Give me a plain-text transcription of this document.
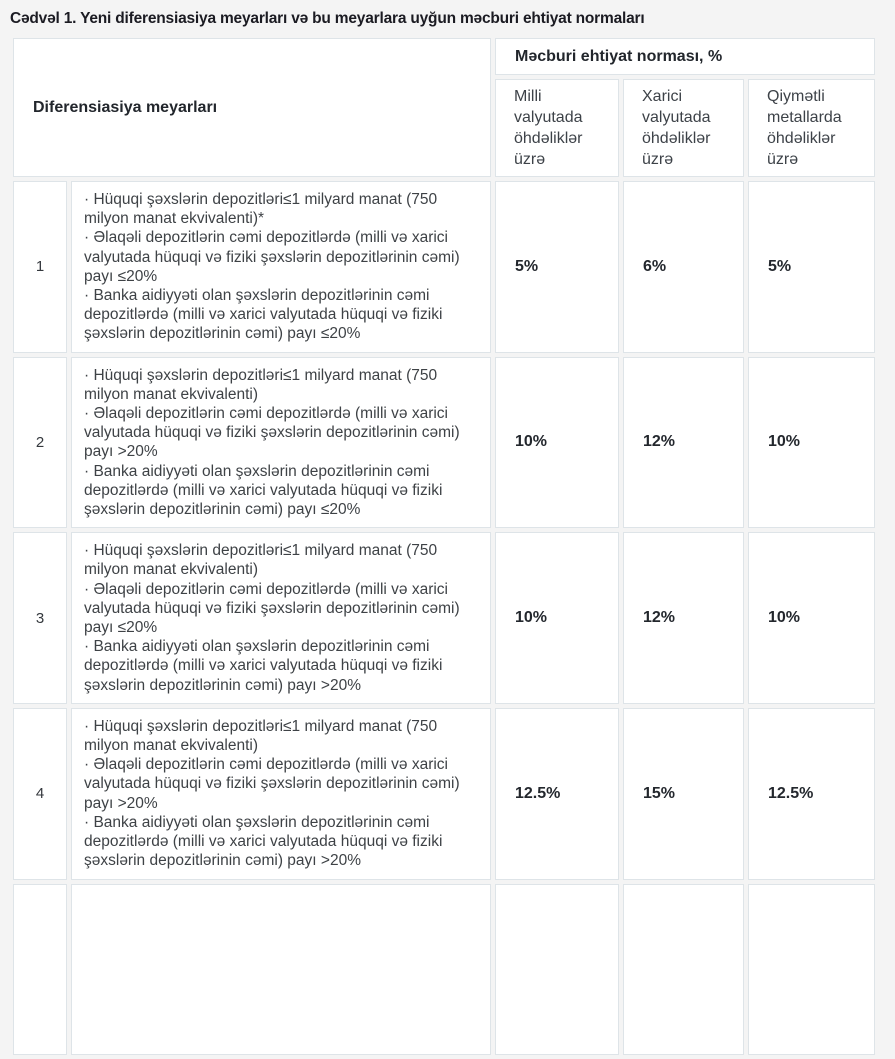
Cədvəl 1. Yeni diferensiasiya meyarları və bu meyarlara uyğun məcburi ehtiyat normaları
Diferensiasiya meyarları		Məcburi ehtiyat norması, %		
		Milli valyutada öhdəliklər üzrə	Xarici valyutada öhdəliklər üzrə	Qiymətli metallarda öhdəliklər üzrə
1	· Hüquqi şəxslərin depozitləri≤1 milyard manat (750 milyon manat ekvivalenti)*
· Əlaqəli depozitlərin cəmi depozitlərdə (milli və xarici valyutada hüquqi və fiziki şəxslərin depozitlərinin cəmi) payı ≤20%
· Banka aidiyyəti olan şəxslərin depozitlərinin cəmi depozitlərdə (milli və xarici valyutada hüquqi və fiziki şəxslərin depozitlərinin cəmi) payı ≤20%	5%	6%	5%
2	· Hüquqi şəxslərin depozitləri≤1 milyard manat (750 milyon manat ekvivalenti)
· Əlaqəli depozitlərin cəmi depozitlərdə (milli və xarici valyutada hüquqi və fiziki şəxslərin depozitlərinin cəmi) payı >20%
· Banka aidiyyəti olan şəxslərin depozitlərinin cəmi depozitlərdə (milli və xarici valyutada hüquqi və fiziki şəxslərin depozitlərinin cəmi) payı ≤20%	10%	12%	10%
3	· Hüquqi şəxslərin depozitləri≤1 milyard manat (750 milyon manat ekvivalenti)
· Əlaqəli depozitlərin cəmi depozitlərdə (milli və xarici valyutada hüquqi və fiziki şəxslərin depozitlərinin cəmi) payı ≤20%
· Banka aidiyyəti olan şəxslərin depozitlərinin cəmi depozitlərdə (milli və xarici valyutada hüquqi və fiziki şəxslərin depozitlərinin cəmi) payı >20%	10%	12%	10%
4	· Hüquqi şəxslərin depozitləri≤1 milyard manat (750 milyon manat ekvivalenti)
· Əlaqəli depozitlərin cəmi depozitlərdə (milli və xarici valyutada hüquqi və fiziki şəxslərin depozitlərinin cəmi) payı >20%
· Banka aidiyyəti olan şəxslərin depozitlərinin cəmi depozitlərdə (milli və xarici valyutada hüquqi və fiziki şəxslərin depozitlərinin cəmi) payı >20%	12.5%	15%	12.5%
